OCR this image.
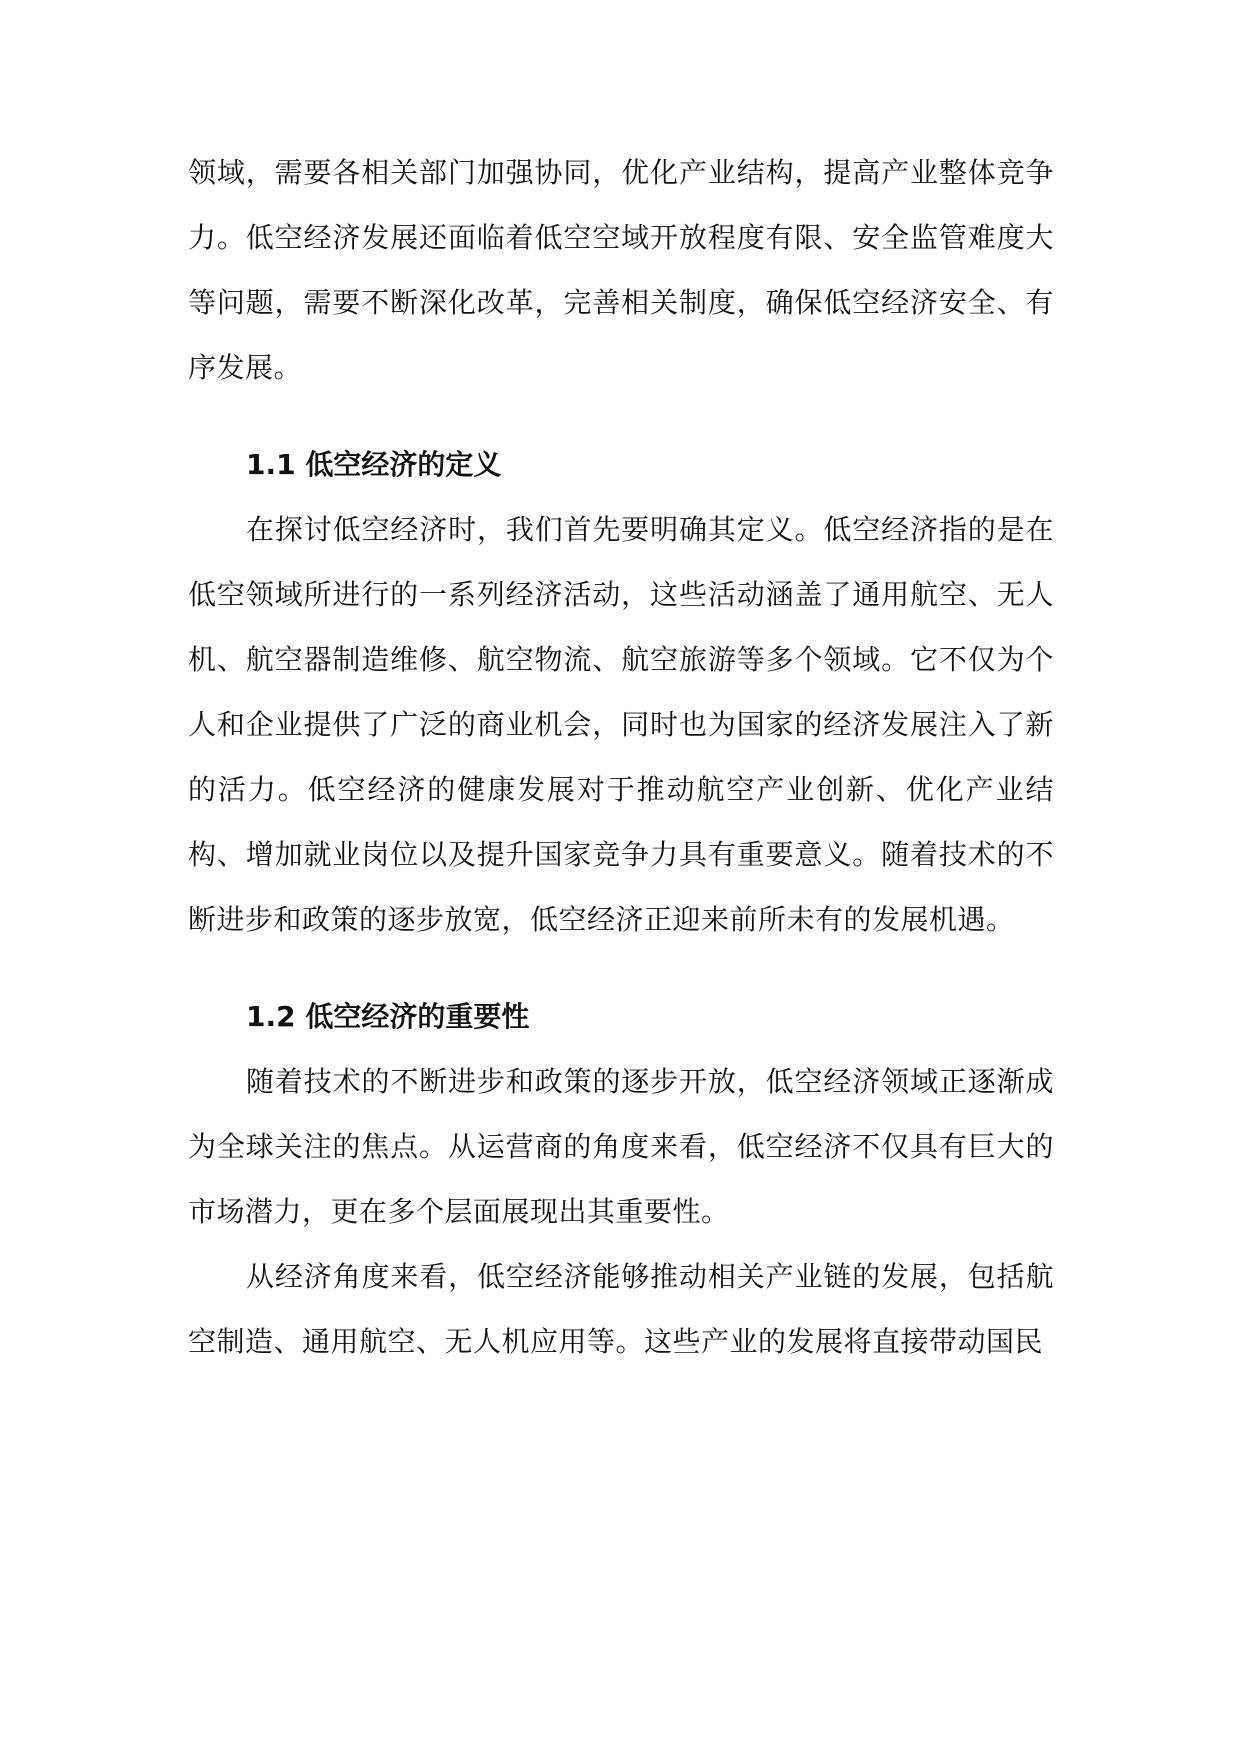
领域，需要各相关部门加强协同，优化产业结构，提高产业整体竞争力。低空经济发展还面临着低空空域开放程度有限、安全监管难度大等问题，需要不断深化改革，完善相关制度，确保低空经济安全、有序发展。

1.1 低空经济的定义

在探讨低空经济时，我们首先要明确其定义。低空经济指的是在低空领域所进行的一系列经济活动，这些活动涵盖了通用航空、无人机、航空器制造维修、航空物流、航空旅游等多个领域。它不仅为个人和企业提供了广泛的商业机会，同时也为国家的经济发展注入了新的活力。低空经济的健康发展对于推动航空产业创新、优化产业结构、增加就业岗位以及提升国家竞争力具有重要意义。随着技术的不断进步和政策的逐步放宽，低空经济正迎来前所未有的发展机遇。

1.2 低空经济的重要性

随着技术的不断进步和政策的逐步开放，低空经济领域正逐渐成为全球关注的焦点。从运营商的角度来看，低空经济不仅具有巨大的市场潜力，更在多个层面展现出其重要性。

从经济角度来看，低空经济能够推动相关产业链的发展，包括航空制造、通用航空、无人机应用等。这些产业的发展将直接带动国民
